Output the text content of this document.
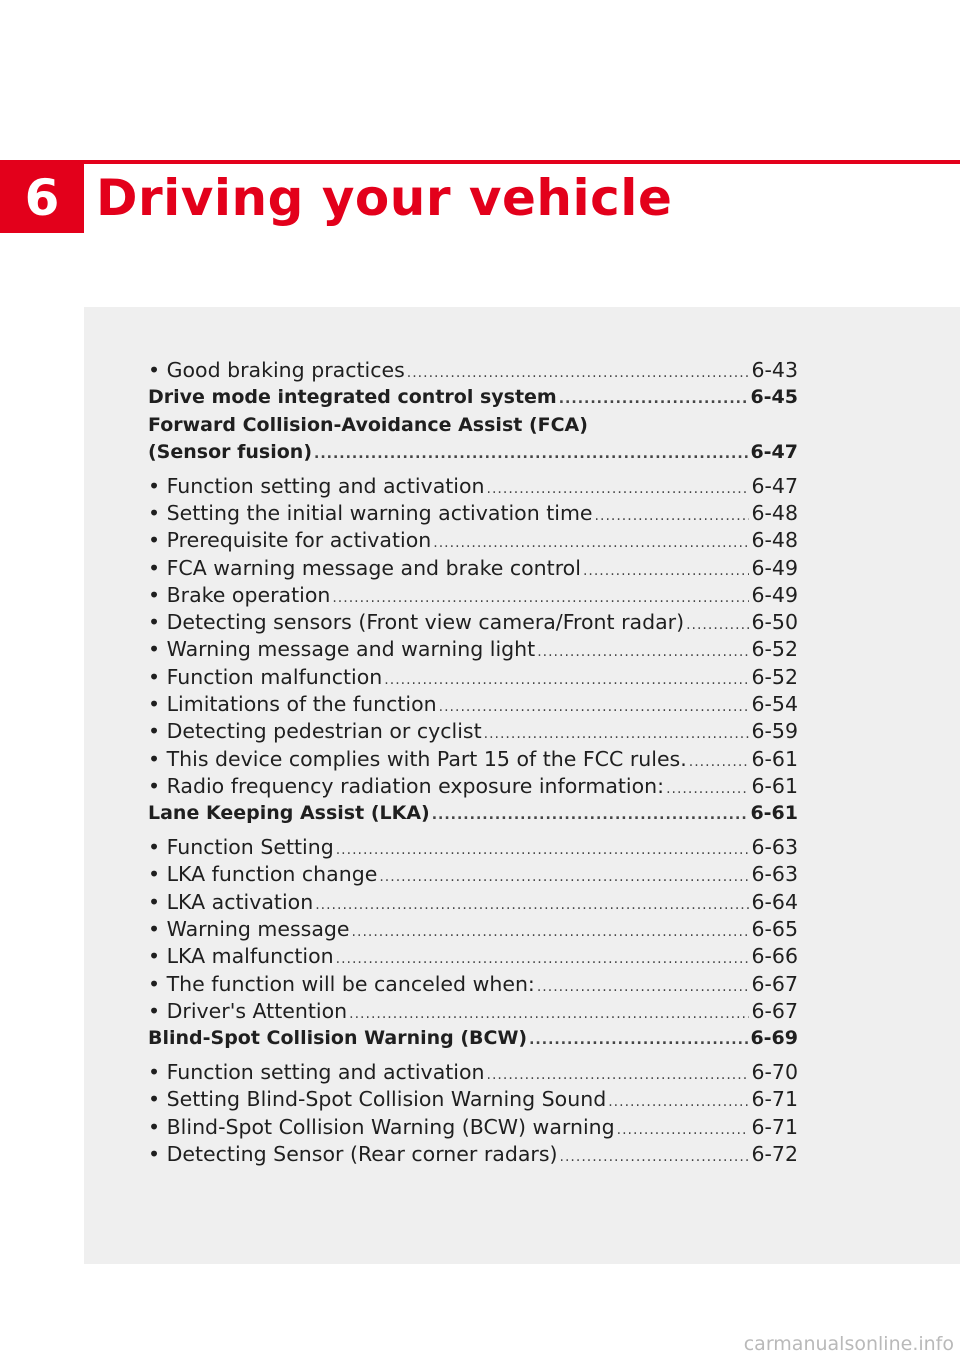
6 Driving your vehicle
• Good braking practices .....	6-43
Drive mode integrated control system .....	6-45
Forward Collision-Avoidance Assist (FCA)
(Sensor fusion) .....	6-47
• Function setting and activation .....	6-47
• Setting the initial warning activation time .....	6-48
• Prerequisite for activation .....	6-48
• FCA warning message and brake control .....	6-49
• Brake operation .....	6-49
• Detecting sensors (Front view camera/Front radar) .....	6-50
• Warning message and warning light .....	6-52
• Function malfunction .....	6-52
• Limitations of the function .....	6-54
• Detecting pedestrian or cyclist .....	6-59
• This device complies with Part 15 of the FCC rules. .....	6-61
• Radio frequency radiation exposure information: .....	6-61
Lane Keeping Assist (LKA) .....	6-61
• Function Setting .....	6-63
• LKA function change .....	6-63
• LKA activation .....	6-64
• Warning message .....	6-65
• LKA malfunction .....	6-66
• The function will be canceled when: .....	6-67
• Driver's Attention .....	6-67
Blind-Spot Collision Warning (BCW) .....	6-69
• Function setting and activation .....	6-70
• Setting Blind-Spot Collision Warning Sound .....	6-71
• Blind-Spot Collision Warning (BCW) warning .....	6-71
• Detecting Sensor (Rear corner radars) .....	6-72
carmanualsonline.info
